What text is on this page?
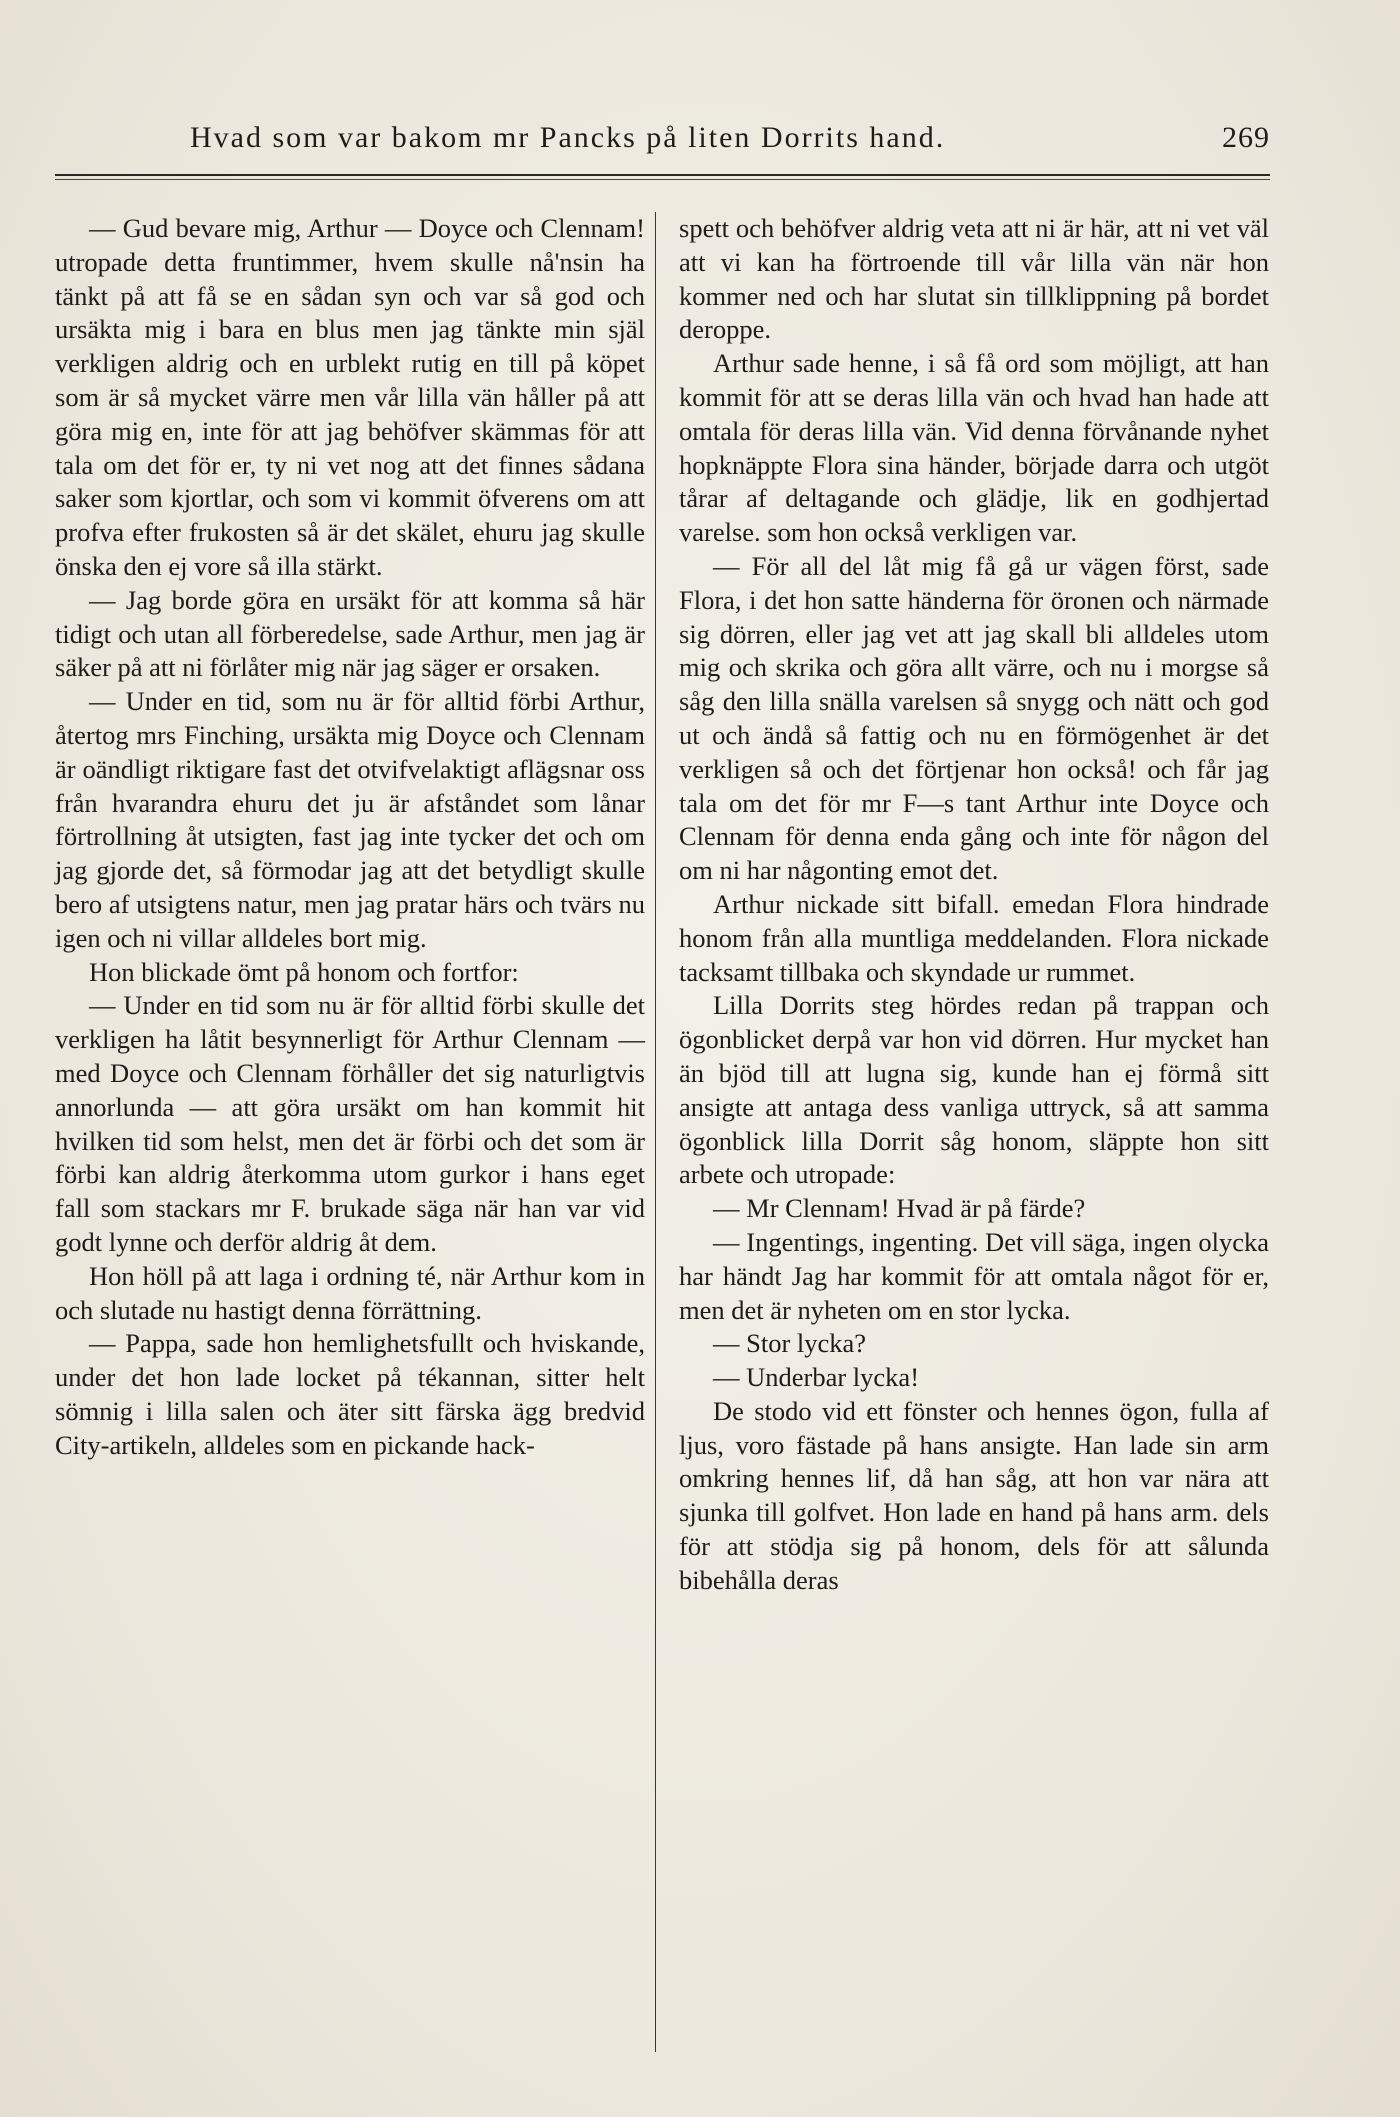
Hvad som var bakom mr Pancks på liten Dorrits hand.	269

— Gud bevare mig, Arthur — Doyce och Clennam! utropade detta fruntimmer, hvem skulle nå'nsin ha tänkt på att få se en sådan syn och var så god och ursäkta mig i bara en blus men jag tänkte min själ verkligen aldrig och en urblekt rutig en till på köpet som är så mycket värre men vår lilla vän håller på att göra mig en, inte för att jag behöfver skämmas för att tala om det för er, ty ni vet nog att det finnes sådana saker som kjortlar, och som vi kommit öfverens om att profva efter frukosten så är det skälet, ehuru jag skulle önska den ej vore så illa stärkt.

— Jag borde göra en ursäkt för att komma så här tidigt och utan all förberedelse, sade Arthur, men jag är säker på att ni förlåter mig när jag säger er orsaken.

— Under en tid, som nu är för alltid förbi Arthur, återtog mrs Finching, ursäkta mig Doyce och Clennam är oändligt riktigare fast det otvifvelaktigt aflägsnar oss från hvarandra ehuru det ju är afståndet som lånar förtrollning åt utsigten, fast jag inte tycker det och om jag gjorde det, så förmodar jag att det betydligt skulle bero af utsigtens natur, men jag pratar härs och tvärs nu igen och ni villar alldeles bort mig.

Hon blickade ömt på honom och fortfor:

— Under en tid som nu är för alltid förbi skulle det verkligen ha låtit besynnerligt för Arthur Clennam — med Doyce och Clennam förhåller det sig naturligtvis annorlunda — att göra ursäkt om han kommit hit hvilken tid som helst, men det är förbi och det som är förbi kan aldrig återkomma utom gurkor i hans eget fall som stackars mr F. brukade säga när han var vid godt lynne och derför aldrig åt dem.

Hon höll på att laga i ordning té, när Arthur kom in och slutade nu hastigt denna förrättning.

— Pappa, sade hon hemlighetsfullt och hviskande, under det hon lade locket på tékannan, sitter helt sömnig i lilla salen och äter sitt färska ägg bredvid City-artikeln, alldeles som en pickande hack-

spett och behöfver aldrig veta att ni är här, att ni vet väl att vi kan ha förtroende till vår lilla vän när hon kommer ned och har slutat sin tillklippning på bordet deroppe.

Arthur sade henne, i så få ord som möjligt, att han kommit för att se deras lilla vän och hvad han hade att omtala för deras lilla vän. Vid denna förvånande nyhet hopknäppte Flora sina händer, började darra och utgöt tårar af deltagande och glädje, lik en godhjertad varelse. som hon också verkligen var.

— För all del låt mig få gå ur vägen först, sade Flora, i det hon satte händerna för öronen och närmade sig dörren, eller jag vet att jag skall bli alldeles utom mig och skrika och göra allt värre, och nu i morgse så såg den lilla snälla varelsen så snygg och nätt och god ut och ändå så fattig och nu en förmögenhet är det verkligen så och det förtjenar hon också! och får jag tala om det för mr F—s tant Arthur inte Doyce och Clennam för denna enda gång och inte för någon del om ni har någonting emot det.

Arthur nickade sitt bifall. emedan Flora hindrade honom från alla muntliga meddelanden. Flora nickade tacksamt tillbaka och skyndade ur rummet.

Lilla Dorrits steg hördes redan på trappan och ögonblicket derpå var hon vid dörren. Hur mycket han än bjöd till att lugna sig, kunde han ej förmå sitt ansigte att antaga dess vanliga uttryck, så att samma ögonblick lilla Dorrit såg honom, släppte hon sitt arbete och utropade:

— Mr Clennam! Hvad är på färde?

— Ingentings, ingenting. Det vill säga, ingen olycka har händt Jag har kommit för att omtala något för er, men det är nyheten om en stor lycka.

— Stor lycka?

— Underbar lycka!

De stodo vid ett fönster och hennes ögon, fulla af ljus, voro fästade på hans ansigte. Han lade sin arm omkring hennes lif, då han såg, att hon var nära att sjunka till golfvet. Hon lade en hand på hans arm. dels för att stödja sig på honom, dels för att sålunda bibehålla deras
